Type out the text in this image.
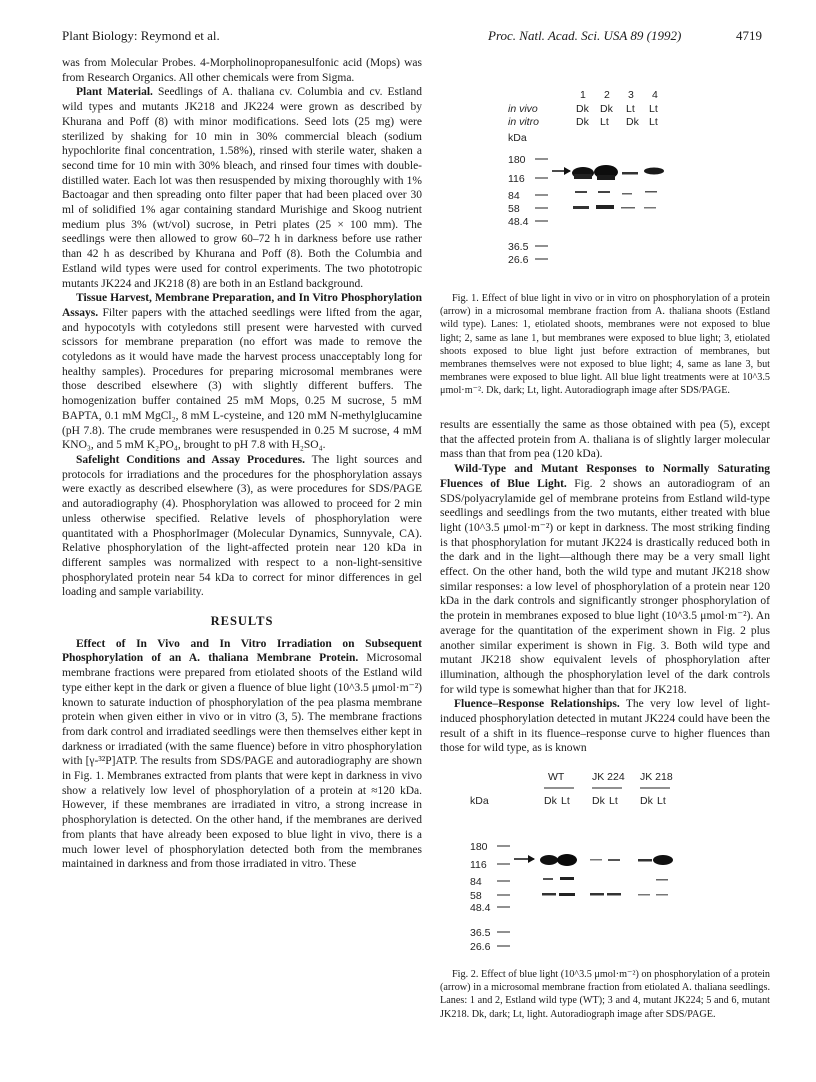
Plant Biology: Reymond et al.	Proc. Natl. Acad. Sci. USA 89 (1992)	4719

was from Molecular Probes. 4-Morpholinopropanesulfonic acid (Mops) was from Research Organics. All other chemicals were from Sigma.

Plant Material. Seedlings of A. thaliana cv. Columbia and cv. Estland wild types and mutants JK218 and JK224 were grown as described by Khurana and Poff (8) with minor modifications. Seed lots (25 mg) were sterilized by shaking for 10 min in 30% commercial bleach (sodium hypochlorite final concentration, 1.58%), rinsed with sterile water, shaken a second time for 10 min with 30% bleach, and rinsed four times with double-distilled water. Each lot was then resuspended by mixing thoroughly with 1% Bactoagar and then spreading onto filter paper that had been placed over 30 ml of solidified 1% agar containing standard Murishige and Skoog nutrient medium plus 3% (wt/vol) sucrose, in Petri plates (25 × 100 mm). The seedlings were then allowed to grow 60–72 h in darkness before use rather than 42 h as described by Khurana and Poff (8). Both the Columbia and Estland wild types were used for control experiments. The two phototropic mutants JK224 and JK218 (8) are both in an Estland background.

Tissue Harvest, Membrane Preparation, and In Vitro Phosphorylation Assays. Filter papers with the attached seedlings were lifted from the agar, and hypocotyls with cotyledons still present were harvested with curved scissors for membrane preparation (no effort was made to remove the cotyledons as it would have made the harvest process unacceptably long for healthy samples). Procedures for preparing microsomal membranes were those described elsewhere (3) with slightly different buffers. The homogenization buffer contained 25 mM Mops, 0.25 M sucrose, 5 mM BAPTA, 0.1 mM MgCl₂, 8 mM L-cysteine, and 120 mM N-methylglucamine (pH 7.8). The crude membranes were resuspended in 0.25 M sucrose, 4 mM KNO₃, and 5 mM K₂PO₄, brought to pH 7.8 with H₂SO₄.

Safelight Conditions and Assay Procedures. The light sources and protocols for irradiations and the procedures for the phosphorylation assays were exactly as described elsewhere (3), as were procedures for SDS/PAGE and autoradiography (4). Phosphorylation was allowed to proceed for 2 min unless otherwise specified. Relative levels of phosphorylation were quantitated with a PhosphorImager (Molecular Dynamics, Sunnyvale, CA). Relative phosphorylation of the light-affected protein near 120 kDa in different samples was normalized with respect to a non-light-sensitive phosphorylated protein near 54 kDa to correct for minor differences in gel loading and sample variability.

RESULTS

Effect of In Vivo and In Vitro Irradiation on Subsequent Phosphorylation of an A. thaliana Membrane Protein. Microsomal membrane fractions were prepared from etiolated shoots of the Estland wild type either kept in the dark or given a fluence of blue light (10^3.5 μmol·m⁻²) known to saturate induction of phosphorylation of the pea plasma membrane protein when given either in vivo or in vitro (3, 5). The membrane fractions from dark control and irradiated seedlings were then themselves either kept in darkness or irradiated (with the same fluence) before in vitro phosphorylation with [γ-³²P]ATP. The results from SDS/PAGE and autoradiography are shown in Fig. 1. Membranes extracted from plants that were kept in darkness in vivo show a relatively low level of phosphorylation of a protein at ≈120 kDa. However, if these membranes are irradiated in vitro, a strong increase in phosphorylation is detected. On the other hand, if the membranes are derived from plants that have already been exposed to blue light in vivo, there is a much lower level of phosphorylation detected both from the membranes maintained in darkness and from those irradiated in vitro. These

1 2 3 4
in vivo	Dk Dk Lt Lt
in vitro	Dk Lt Dk Lt
kDa
180
116
84
58
48.4
36.5
26.6

Fig. 1. Effect of blue light in vivo or in vitro on phosphorylation of a protein (arrow) in a microsomal membrane fraction from A. thaliana shoots (Estland wild type). Lanes: 1, etiolated shoots, membranes were not exposed to blue light; 2, same as lane 1, but membranes were exposed to blue light; 3, etiolated shoots exposed to blue light just before extraction of membranes, but membranes themselves were not exposed to blue light; 4, same as lane 3, but membranes were exposed to blue light. All blue light treatments were at 10^3.5 μmol·m⁻². Dk, dark; Lt, light. Autoradiograph image after SDS/PAGE.

results are essentially the same as those obtained with pea (5), except that the affected protein from A. thaliana is of slightly larger molecular mass than that from pea (120 kDa).

Wild-Type and Mutant Responses to Normally Saturating Fluences of Blue Light. Fig. 2 shows an autoradiogram of an SDS/polyacrylamide gel of membrane proteins from Estland wild-type seedlings and seedlings from the two mutants, either treated with blue light (10^3.5 μmol·m⁻²) or kept in darkness. The most striking finding is that phosphorylation for mutant JK224 is drastically reduced both in the dark and in the light—although there may be a very small light effect. On the other hand, both the wild type and mutant JK218 show similar responses: a low level of phosphorylation of a protein near 120 kDa in the dark controls and significantly stronger phosphorylation of the protein in membranes exposed to blue light (10^3.5 μmol·m⁻²). An average for the quantitation of the experiment shown in Fig. 2 plus another similar experiment is shown in Fig. 3. Both wild type and mutant JK218 show equivalent levels of phosphorylation after illumination, although the phosphorylation level of the dark controls for wild type is somewhat higher than that for JK218.

Fluence–Response Relationships. The very low level of light-induced phosphorylation detected in mutant JK224 could have been the result of a shift in its fluence–response curve to higher fluences than those for wild type, as is known

WT	JK 224 JK 218
Dk Lt Dk Lt Dk Lt
kDa
180
116
84
58
48.4
36.5
26.6

Fig. 2. Effect of blue light (10^3.5 μmol·m⁻²) on phosphorylation of a protein (arrow) in a microsomal membrane fraction from etiolated A. thaliana seedlings. Lanes: 1 and 2, Estland wild type (WT); 3 and 4, mutant JK224; 5 and 6, mutant JK218. Dk, dark; Lt, light. Autoradiograph image after SDS/PAGE.
